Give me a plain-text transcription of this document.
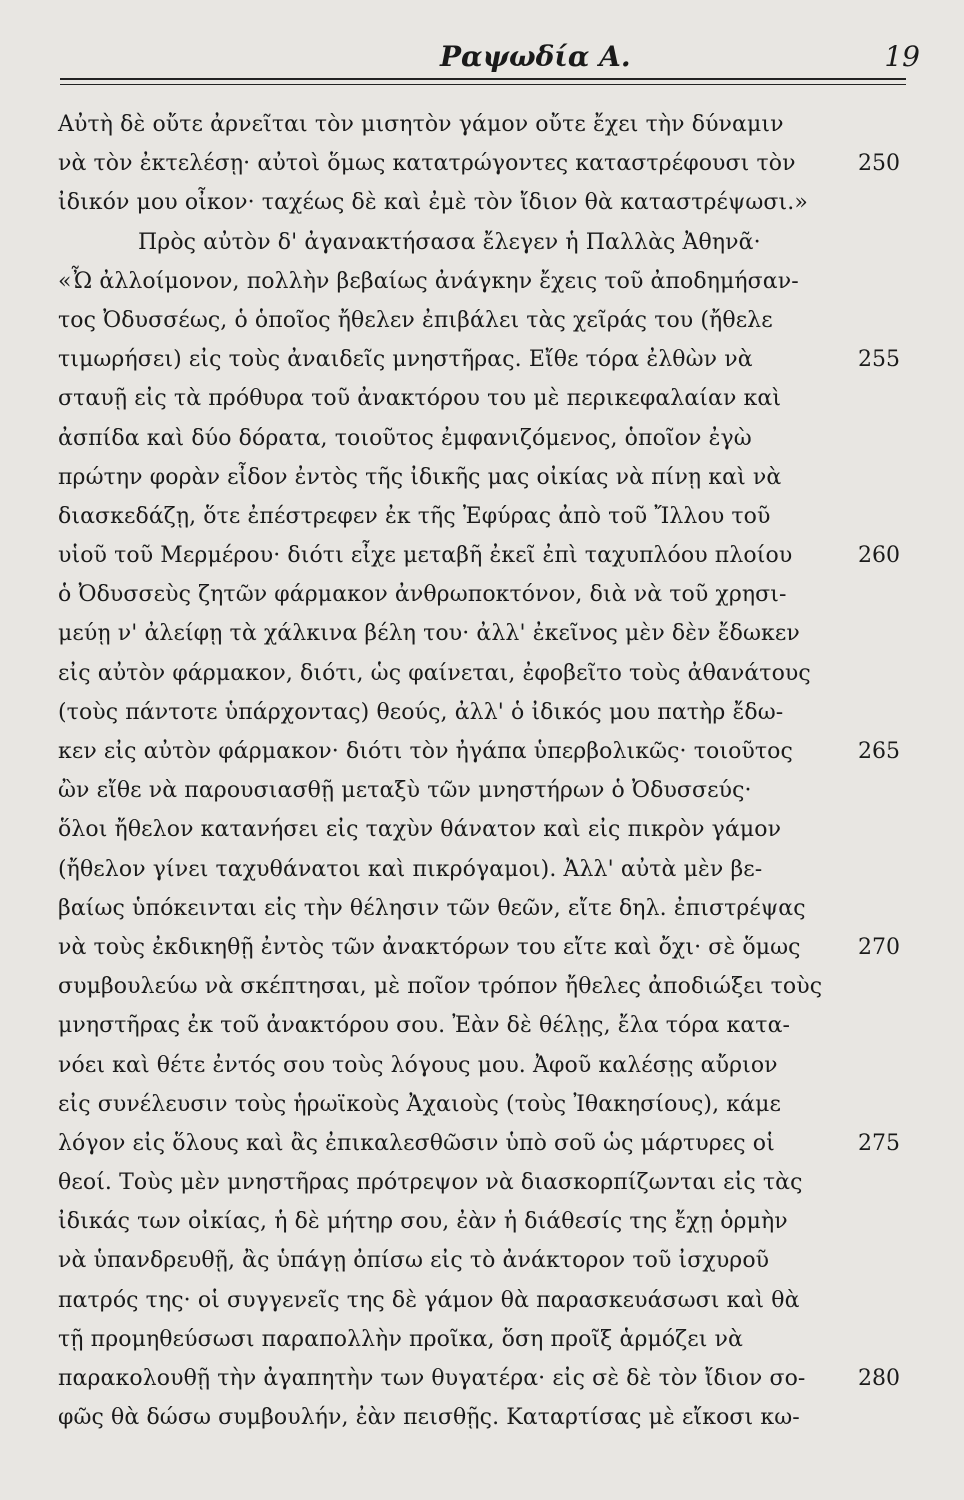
Ραψωδία Α.	19
Αὐτὴ δὲ οὔτε ἀρνεῖται τὸν μισητὸν γάμον οὔτε ἔχει τὴν δύναμιν
νὰ τὸν ἐκτελέσῃ· αὐτοὶ ὅμως κατατρώγοντες καταστρέφουσι τὸν
ἰδικόν μου οἶκον· ταχέως δὲ καὶ ἐμὲ τὸν ἴδιον θὰ καταστρέψωσι.»
Πρὸς αὐτὸν δ' ἀγανακτήσασα ἔλεγεν ἡ Παλλὰς Ἀθηνᾶ·
«Ὦ ἀλλοίμονον, πολλὴν βεβαίως ἀνάγκην ἔχεις τοῦ ἀποδημήσαν-
τος Ὀδυσσέως, ὁ ὁποῖος ἤθελεν ἐπιβάλει τὰς χεῖράς του (ἤθελε
τιμωρήσει) εἰς τοὺς ἀναιδεῖς μνηστῆρας. Εἴθε τόρα ἐλθὼν νὰ
σταυῇ εἰς τὰ πρόθυρα τοῦ ἀνακτόρου του μὲ περικεφαλαίαν καὶ
ἀσπίδα καὶ δύο δόρατα, τοιοῦτος ἐμφανιζόμενος, ὁποῖον ἐγὼ
πρώτην φορὰν εἶδον ἐντὸς τῆς ἰδικῆς μας οἰκίας νὰ πίνῃ καὶ νὰ
διασκεδάζῃ, ὅτε ἐπέστρεφεν ἐκ τῆς Ἐφύρας ἀπὸ τοῦ Ἴλλου τοῦ
υἱοῦ τοῦ Μερμέρου· διότι εἶχε μεταβῆ ἐκεῖ ἐπὶ ταχυπλόου πλοίου
ὁ Ὀδυσσεὺς ζητῶν φάρμακον ἀνθρωποκτόνον, διὰ νὰ τοῦ χρησι-
μεύῃ ν' ἀλείφῃ τὰ χάλκινα βέλη του· ἀλλ' ἐκεῖνος μὲν δὲν ἔδωκεν
εἰς αὐτὸν φάρμακον, διότι, ὡς φαίνεται, ἐφοβεῖτο τοὺς ἀθανάτους
(τοὺς πάντοτε ὑπάρχοντας) θεούς, ἀλλ' ὁ ἰδικός μου πατὴρ ἔδω-
κεν εἰς αὐτὸν φάρμακον· διότι τὸν ἠγάπα ὑπερβολικῶς· τοιοῦτος
ὢν εἴθε νὰ παρουσιασθῇ μεταξὺ τῶν μνηστήρων ὁ Ὀδυσσεύς·
ὅλοι ἤθελον κατανήσει εἰς ταχὺν θάνατον καὶ εἰς πικρὸν γάμον
(ἤθελον γίνει ταχυθάνατοι καὶ πικρόγαμοι). Ἀλλ' αὐτὰ μὲν βε-
βαίως ὑπόκεινται εἰς τὴν θέλησιν τῶν θεῶν, εἴτε δηλ. ἐπιστρέψας
νὰ τοὺς ἐκδικηθῇ ἐντὸς τῶν ἀνακτόρων του εἴτε καὶ ὄχι· σὲ ὅμως
συμβουλεύω νὰ σκέπτησαι, μὲ ποῖον τρόπον ἤθελες ἀποδιώξει τοὺς
μνηστῆρας ἐκ τοῦ ἀνακτόρου σου. Ἐὰν δὲ θέλῃς, ἔλα τόρα κατα-
νόει καὶ θέτε ἐντός σου τοὺς λόγους μου. Ἀφοῦ καλέσῃς αὔριον
εἰς συνέλευσιν τοὺς ἡρωϊκοὺς Ἀχαιοὺς (τοὺς Ἰθακησίους), κάμε
λόγον εἰς ὅλους καὶ ἂς ἐπικαλεσθῶσιν ὑπὸ σοῦ ὡς μάρτυρες οἱ
θεοί. Τοὺς μὲν μνηστῆρας πρότρεψον νὰ διασκορπίζωνται εἰς τὰς
ἰδικάς των οἰκίας, ἡ δὲ μήτηρ σου, ἐὰν ἡ διάθεσίς της ἔχῃ ὁρμὴν
νὰ ὑπανδρευθῇ, ἂς ὑπάγῃ ὀπίσω εἰς τὸ ἀνάκτορον τοῦ ἰσχυροῦ
πατρός της· οἱ συγγενεῖς της δὲ γάμον θὰ παρασκευάσωσι καὶ θὰ
τῇ προμηθεύσωσι παραπολλὴν προῖκα, ὅση προῖξ ἁρμόζει νὰ
παρακολουθῇ τὴν ἀγαπητὴν των θυγατέρα· εἰς σὲ δὲ τὸν ἴδιον σο-
φῶς θὰ δώσω συμβουλήν, ἐὰν πεισθῇς. Καταρτίσας μὲ εἴκοσι κω-
250
255
260
265
270
275
280
